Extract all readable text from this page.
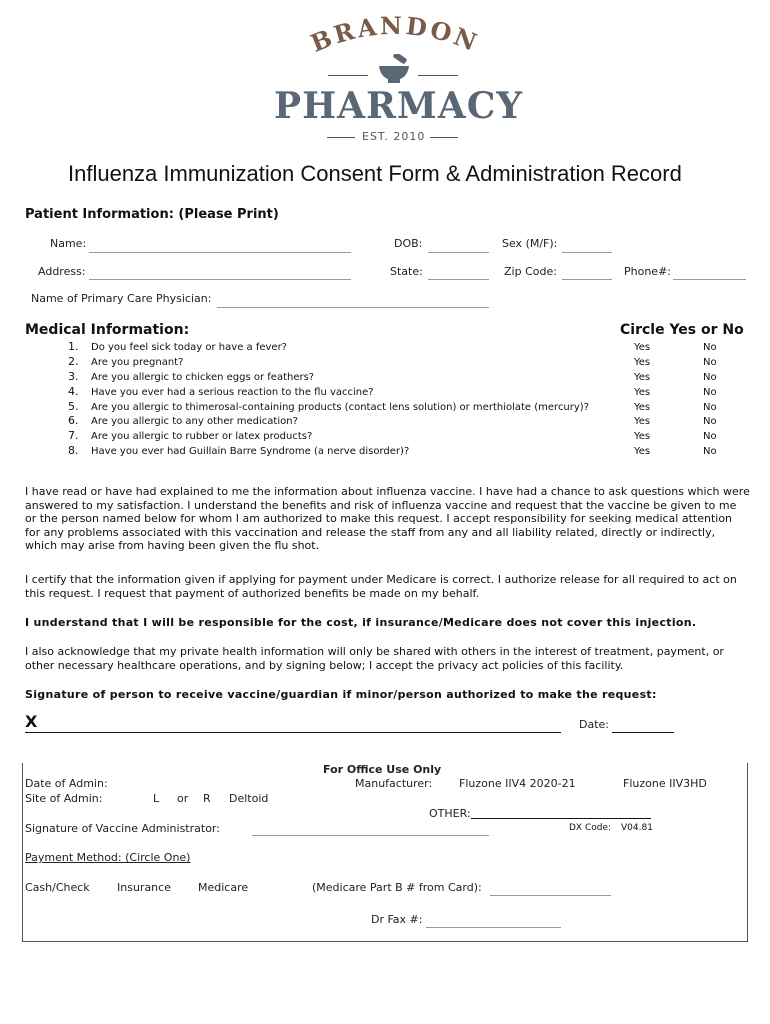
BRANDON
PHARMACY
EST. 2010
Influenza Immunization Consent Form & Administration Record
Patient Information: (Please Print)
Name:	DOB:	Sex (M/F):
Address:	State:	Zip Code:	Phone#:
Name of Primary Care Physician:
Medical Information:	Circle Yes or No
1. Do you feel sick today or have a fever?	Yes	No
2. Are you pregnant?	Yes	No
3. Are you allergic to chicken eggs or feathers?	Yes	No
4. Have you ever had a serious reaction to the flu vaccine?	Yes	No
5. Are you allergic to thimerosal-containing products (contact lens solution) or merthiolate (mercury)?	Yes	No
6. Are you allergic to any other medication?	Yes	No
7. Are you allergic to rubber or latex products?	Yes	No
8. Have you ever had Guillain Barre Syndrome (a nerve disorder)?	Yes	No
I have read or have had explained to me the information about influenza vaccine. I have had a chance to ask questions which were answered to my satisfaction. I understand the benefits and risk of influenza vaccine and request that the vaccine be given to me or the person named below for whom I am authorized to make this request. I accept responsibility for seeking medical attention for any problems associated with this vaccination and release the staff from any and all liability related, directly or indirectly, which may arise from having been given the flu shot.
I certify that the information given if applying for payment under Medicare is correct. I authorize release for all required to act on this request. I request that payment of authorized benefits be made on my behalf.
I understand that I will be responsible for the cost, if insurance/Medicare does not cover this injection.
I also acknowledge that my private health information will only be shared with others in the interest of treatment, payment, or other necessary healthcare operations, and by signing below; I accept the privacy act policies of this facility.
Signature of person to receive vaccine/guardian if minor/person authorized to make the request:
X	Date:
For Office Use Only
Date of Admin:	Manufacturer: Fluzone IIV4 2020-21	Fluzone IIV3HD
Site of Admin:	L or R Deltoid
OTHER:
Signature of Vaccine Administrator:	DX Code: V04.81
Payment Method: (Circle One)
Cash/Check Insurance Medicare	(Medicare Part B # from Card):
Dr Fax #:
